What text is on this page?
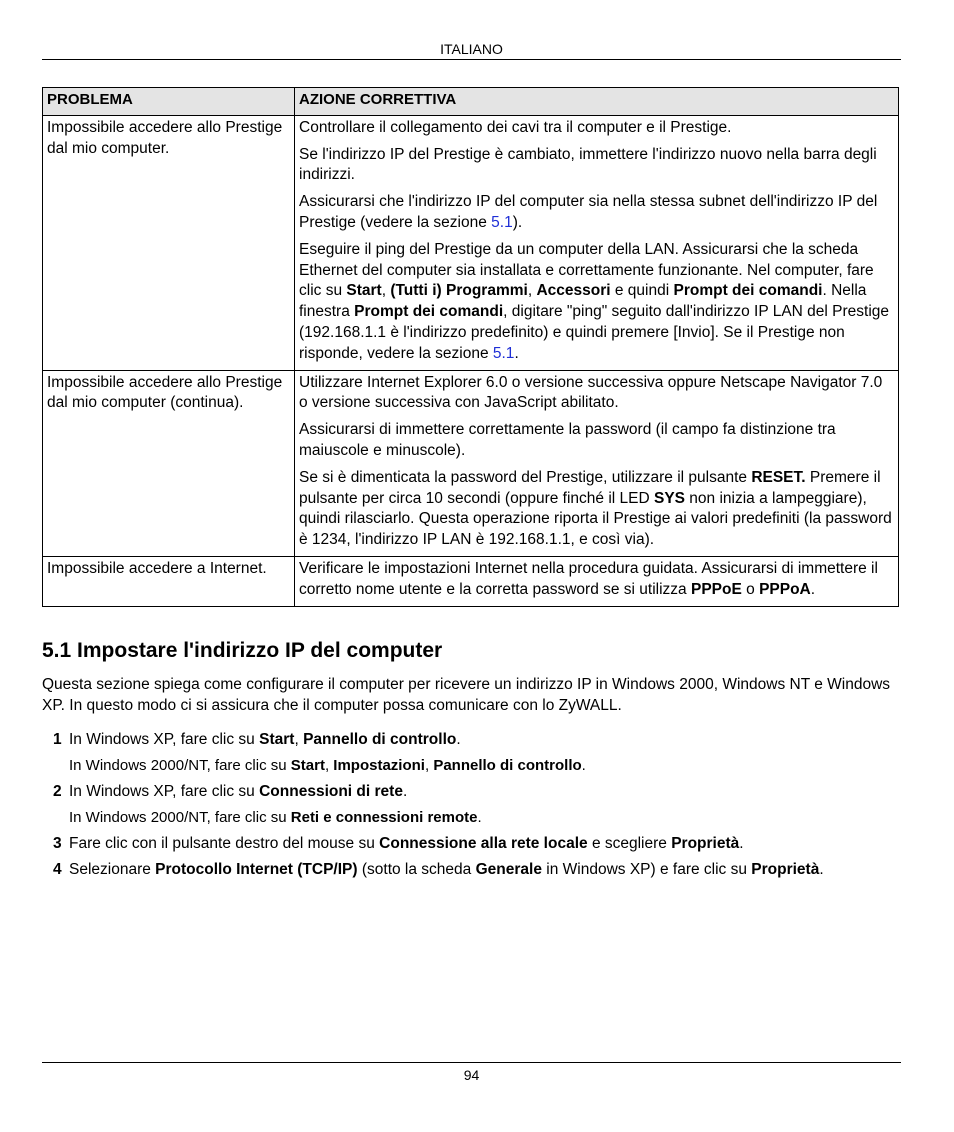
ITALIANO
PROBLEMA	AZIONE CORRETTIVA
Impossibile accedere allo Prestige dal mio computer.	Controllare il collegamento dei cavi tra il computer e il Prestige.

Se l'indirizzo IP del Prestige è cambiato, immettere l'indirizzo nuovo nella barra degli indirizzi.

Assicurarsi che l'indirizzo IP del computer sia nella stessa subnet dell'indirizzo IP del Prestige (vedere la sezione 5.1).

Eseguire il ping del Prestige da un computer della LAN. Assicurarsi che la scheda Ethernet del computer sia installata e correttamente funzionante. Nel computer, fare clic su Start, (Tutti i) Programmi, Accessori e quindi Prompt dei comandi. Nella finestra Prompt dei comandi, digitare "ping" seguito dall'indirizzo IP LAN del Prestige (192.168.1.1 è l'indirizzo predefinito) e quindi premere [Invio]. Se il Prestige non risponde, vedere la sezione 5.1.

Impossibile accedere allo Prestige dal mio computer (continua).	Utilizzare Internet Explorer 6.0 o versione successiva oppure Netscape Navigator 7.0 o versione successiva con JavaScript abilitato.

Assicurarsi di immettere correttamente la password (il campo fa distinzione tra maiuscole e minuscole).

Se si è dimenticata la password del Prestige, utilizzare il pulsante RESET. Premere il pulsante per circa 10 secondi (oppure finché il LED SYS non inizia a lampeggiare), quindi rilasciarlo. Questa operazione riporta il Prestige ai valori predefiniti (la password è 1234, l'indirizzo IP LAN è 192.168.1.1, e così via).

Impossibile accedere a Internet.	Verificare le impostazioni Internet nella procedura guidata. Assicurarsi di immettere il corretto nome utente e la corretta password se si utilizza PPPoE o PPPoA.

5.1 Impostare l'indirizzo IP del computer

Questa sezione spiega come configurare il computer per ricevere un indirizzo IP in Windows 2000, Windows NT e Windows XP. In questo modo ci si assicura che il computer possa comunicare con lo ZyWALL.

1 In Windows XP, fare clic su Start, Pannello di controllo.
In Windows 2000/NT, fare clic su Start, Impostazioni, Pannello di controllo.
2 In Windows XP, fare clic su Connessioni di rete.
In Windows 2000/NT, fare clic su Reti e connessioni remote.
3 Fare clic con il pulsante destro del mouse su Connessione alla rete locale e scegliere Proprietà.
4 Selezionare Protocollo Internet (TCP/IP) (sotto la scheda Generale in Windows XP) e fare clic su Proprietà.
94
